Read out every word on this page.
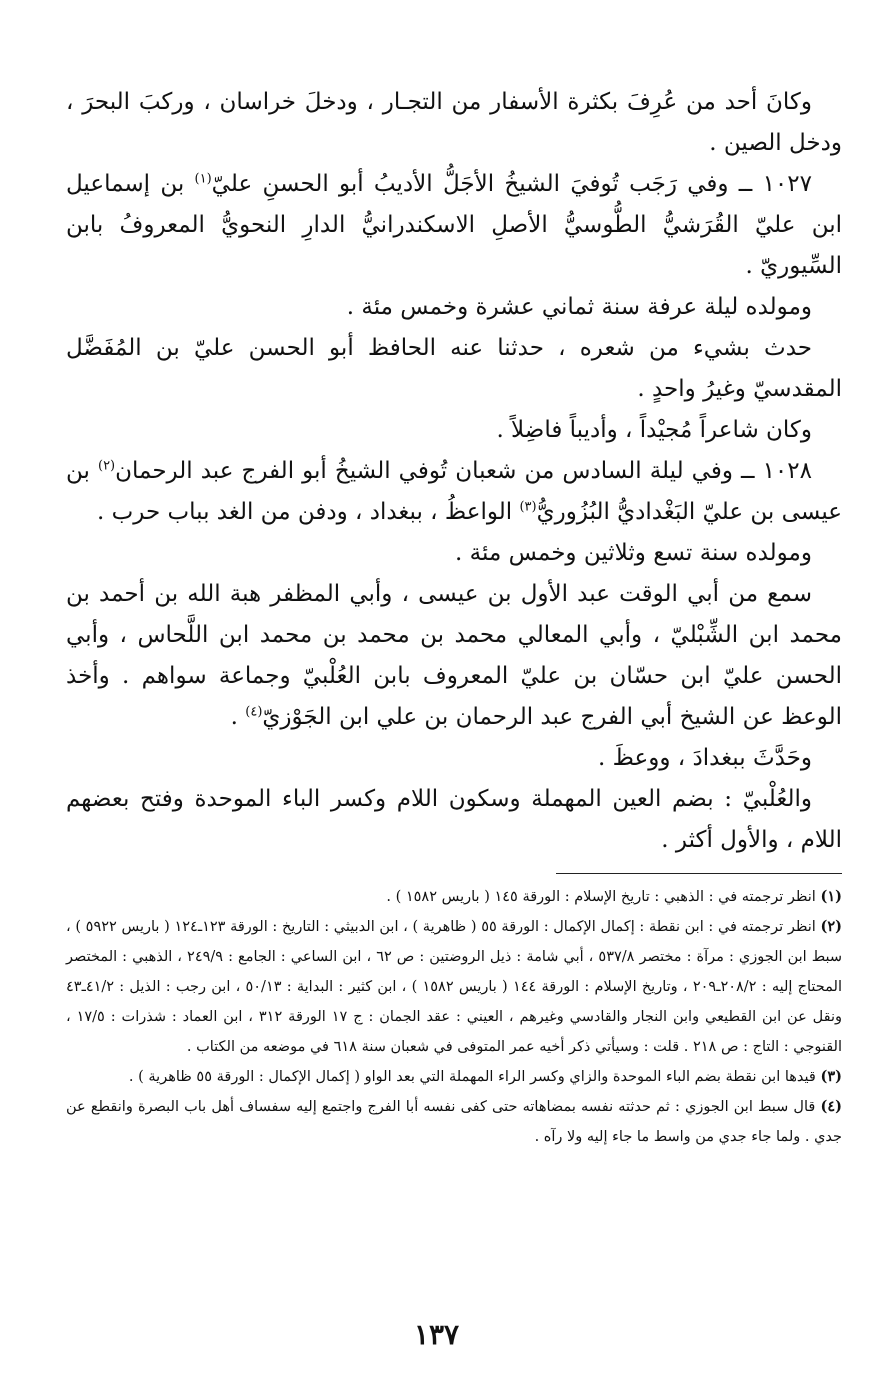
وكانَ أحد من عُرِفَ بكثرة الأسفار من التجـار ، ودخلَ خراسان ، وركبَ البحرَ ، ودخل الصين .

١٠٢٧ ــ وفي رَجَب تُوفيَ الشيخُ الأجَلُّ الأديبُ أبو الحسنِ عليّ$^{(١)}$ بن إسماعيل ابن عليّ القُرَشيُّ الطُّوسيُّ الأصلِ الاسكندرانيُّ الدارِ النحويُّ المعروفُ بابن السِّيوريّ .

ومولده ليلة عرفة سنة ثماني عشرة وخمس مئة .

حدث بشيء من شعره ، حدثنا عنه الحافظ أبو الحسن عليّ بن المُفَضَّل المقدسيّ وغيرُ واحدٍ .

وكان شاعراً مُجيْداً ، وأديباً فاضِلاً .

١٠٢٨ ــ وفي ليلة السادس من شعبان تُوفي الشيخُ أبو الفرج عبد الرحمان$^{(٢)}$ بن عيسى بن عليّ البَغْداديُّ البُزُوريُّ$^{(٣)}$ الواعظُ ، ببغداد ، ودفن من الغد بباب حرب .

ومولده سنة تسع وثلاثين وخمس مئة .

سمع من أبي الوقت عبد الأول بن عيسى ، وأبي المظفر هبة الله بن أحمد بن محمد ابن الشِّبْليّ ، وأبي المعالي محمد بن محمد بن محمد ابن اللَّحاس ، وأبي الحسن عليّ ابن حسّان بن عليّ المعروف بابن العُلْبيّ وجماعة سواهم . وأخذ الوعظ عن الشيخ أبي الفرج عبد الرحمان بن علي ابن الجَوْزيّ$^{(٤)}$ .

وحَدَّثَ ببغدادَ ، ووعظَ .

والعُلْبيّ : بضم العين المهملة وسكون اللام وكسر الباء الموحدة وفتح بعضهم اللام ، والأول أكثر .

(١) انظر ترجمته في : الذهبي : تاريخ الإسلام : الورقة ١٤٥ ( باريس ١٥٨٢ ) .

(٢) انظر ترجمته في : ابن نقطة : إكمال الإكمال : الورقة ٥٥ ( ظاهرية ) ، ابن الدبيثي : التاريخ : الورقة ١٢٣ـ١٢٤ ( باريس ٥٩٢٢ ) ، سبط ابن الجوزي : مرآة : مختصر ٥٣٧/٨ ، أبي شامة : ذيل الروضتين : ص ٦٢ ، ابن الساعي : الجامع : ٢٤٩/٩ ، الذهبي : المختصر المحتاج إليه : ٢٠٨/٢ـ٢٠٩ ، وتاريخ الإسلام : الورقة ١٤٤ ( باريس ١٥٨٢ ) ، ابن كثير : البداية : ٥٠/١٣ ، ابن رجب : الذيل : ٤١/٢ـ٤٣ ونقل عن ابن القطيعي وابن النجار والقادسي وغيرهم ، العيني : عقد الجمان : ج ١٧ الورقة ٣١٢ ، ابن العماد : شذرات : ١٧/٥ ، القنوجي : التاج : ص ٢١٨ . قلت : وسيأتي ذكر أخيه عمر المتوفى في شعبان سنة ٦١٨ في موضعه من الكتاب .

(٣) قيدها ابن نقطة بضم الباء الموحدة والزاي وكسر الراء المهملة التي بعد الواو ( إكمال الإكمال : الورقة ٥٥ ظاهرية ) .

(٤) قال سبط ابن الجوزي : ثم حدثته نفسه بمضاهاته حتى كفى نفسه أبا الفرج واجتمع إليه سفساف أهل باب البصرة وانقطع عن جدي . ولما جاء جدي من واسط ما جاء إليه ولا رآه .

١٣٧
